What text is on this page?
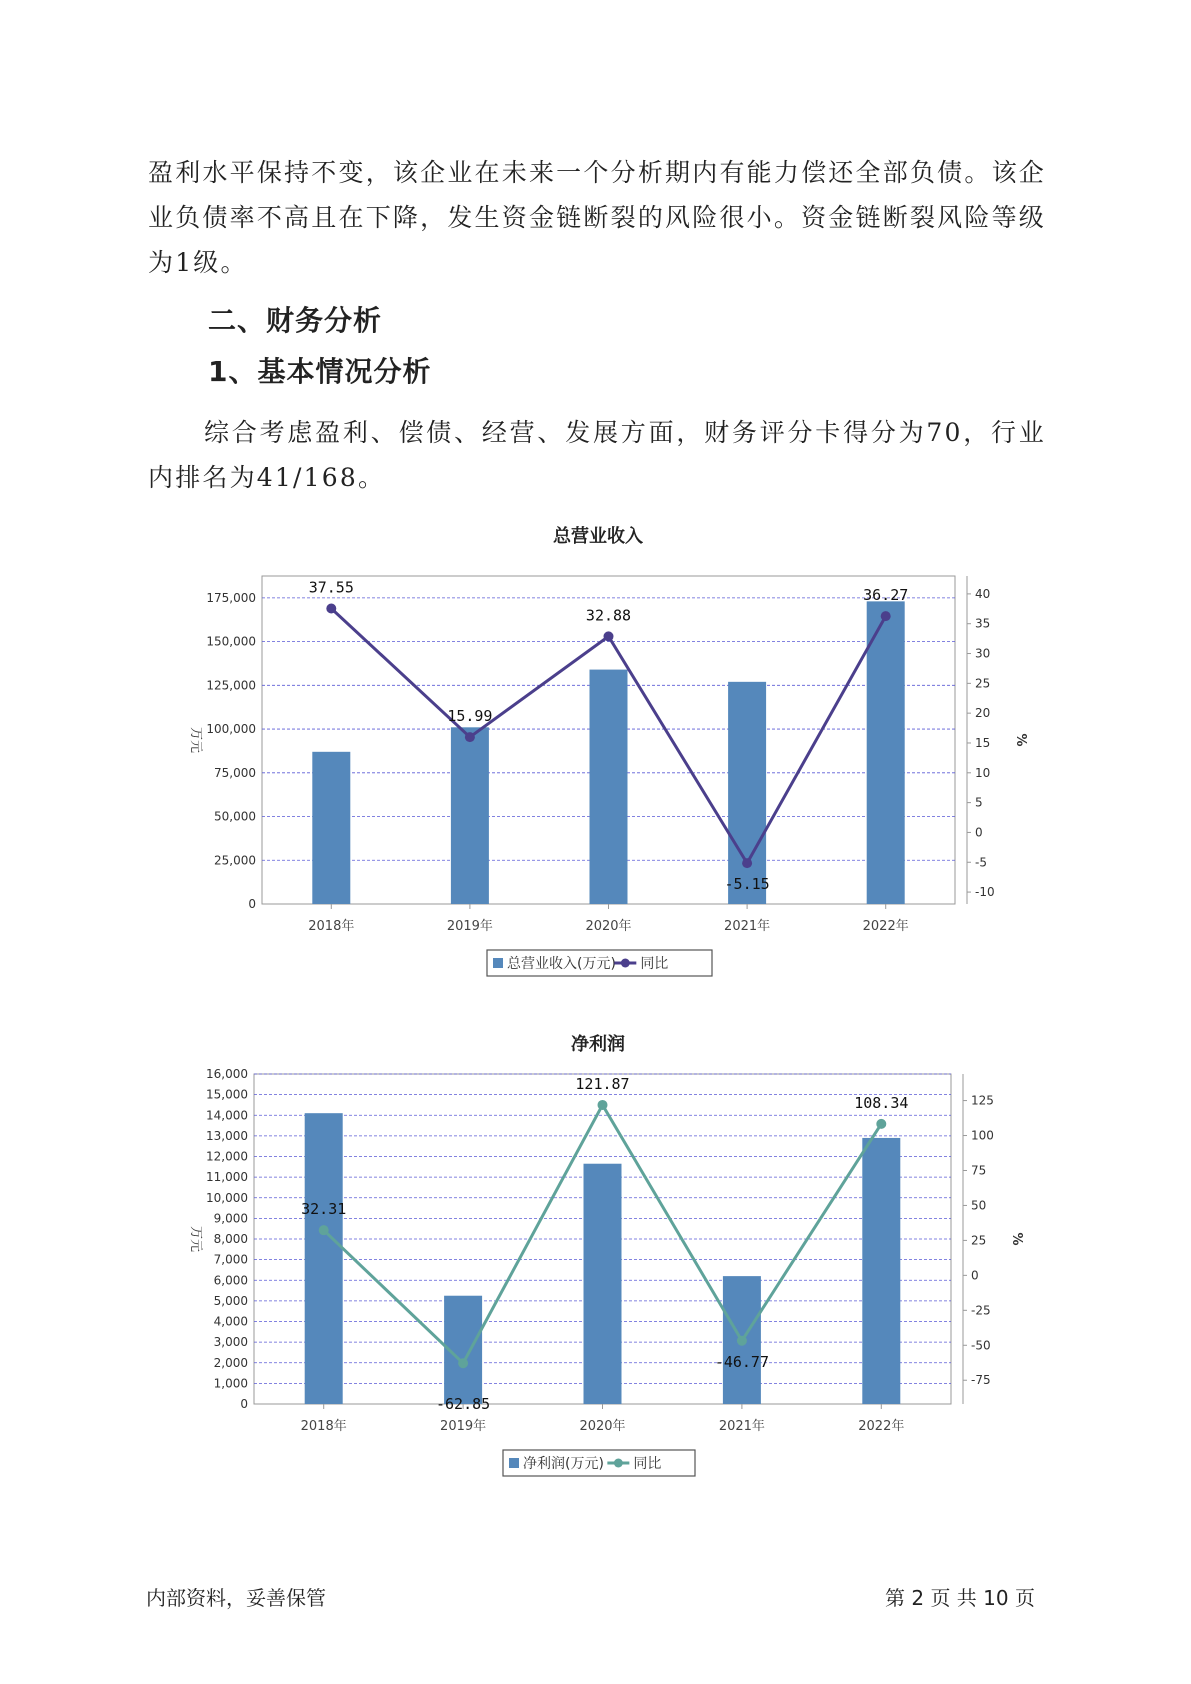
盈利水平保持不变，该企业在未来一个分析期内有能力偿还全部负债。该企业负债率不高且在下降，发生资金链断裂的风险很小。资金链断裂风险等级为1级。

二、财务分析
1、基本情况分析

综合考虑盈利、偿债、经营、发展方面，财务评分卡得分为70，行业内排名为41/168。

总营业收入
0
25,000
50,000
75,000
100,000
125,000
150,000
175,000
-10
-5
0
5
10
15
20
25
30
35
40
万元	%
2018年	2019年	2020年	2021年	2022年
37.55
15.99
32.88
-5.15
36.27
总营业收入(万元) 同比
净利润
0
1,000
2,000
3,000
4,000
5,000
6,000
7,000
8,000
9,000
10,000
11,000
12,000
13,000
14,000
15,000
16,000
-75
-50
-25
0
25
50
75
100
125
万元	%
2018年	2019年	2020年	2021年	2022年
32.31
-62.85
121.87
-46.77
108.34
净利润(万元) 同比
内部资料，妥善保管	第 2 页 共 10 页
